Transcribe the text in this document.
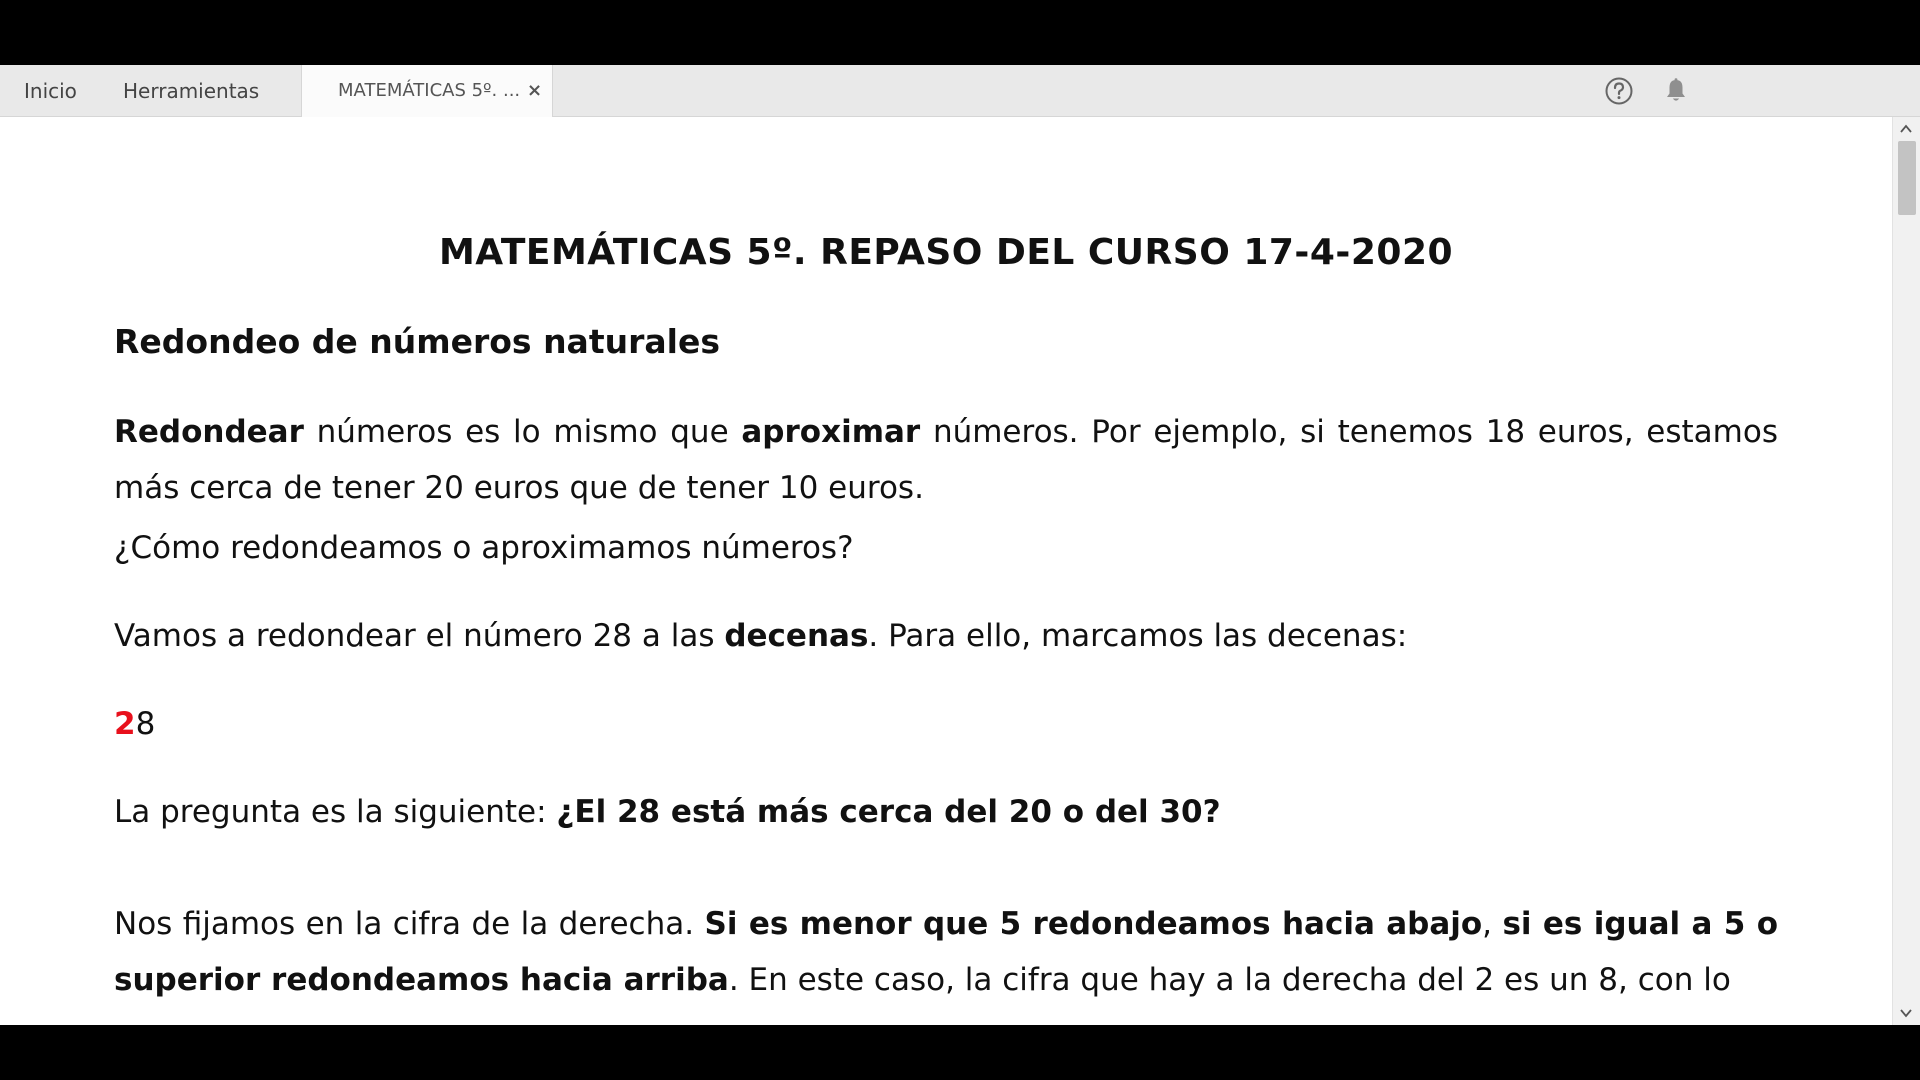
Inicio Herramientas	MATEMÁTICAS 5º. ... ×
MATEMÁTICAS 5º. REPASO DEL CURSO 17-4-2020
Redondeo de números naturales
Redondear números es lo mismo que aproximar números. Por ejemplo, si tenemos 18 euros, estamos más cerca de tener 20 euros que de tener 10 euros.
¿Cómo redondeamos o aproximamos números?
Vamos a redondear el número 28 a las decenas. Para ello, marcamos las decenas:
28
La pregunta es la siguiente: ¿El 28 está más cerca del 20 o del 30?
Nos fijamos en la cifra de la derecha. Si es menor que 5 redondeamos hacia abajo, si es igual a 5 o superior redondeamos hacia arriba. En este caso, la cifra que hay a la derecha del 2 es un 8, con lo
